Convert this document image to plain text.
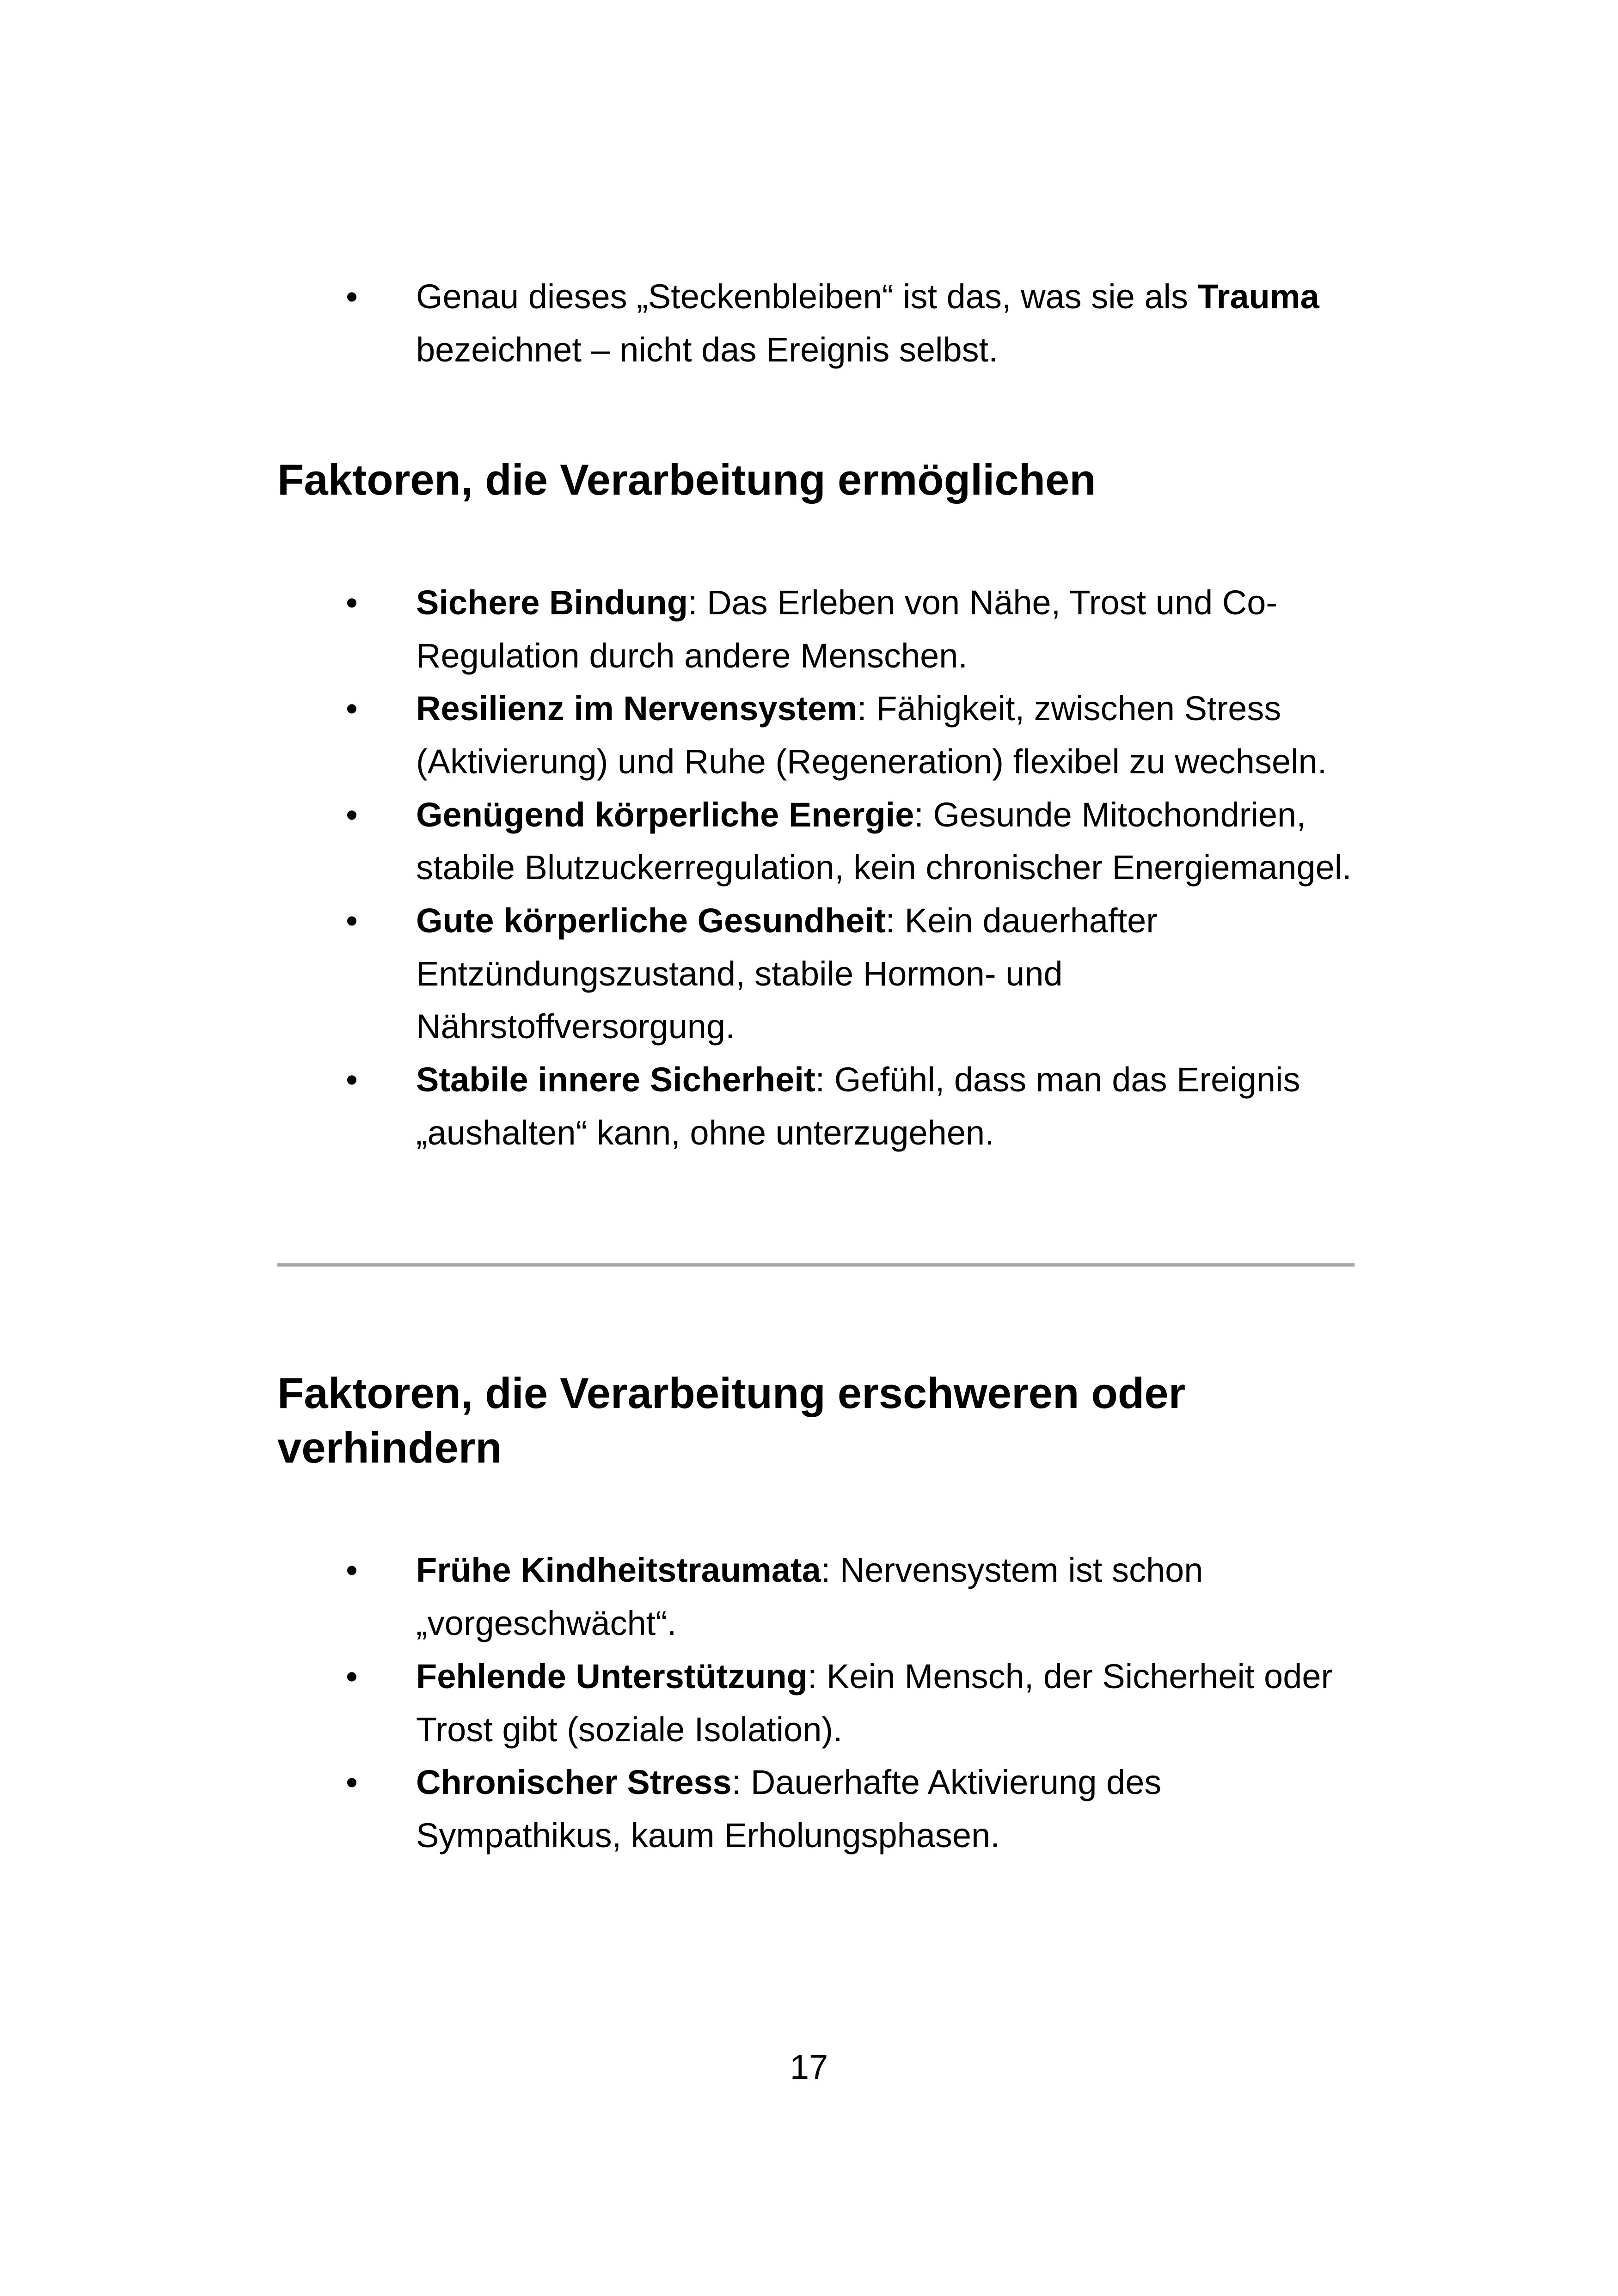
• Genau dieses „Steckenbleiben“ ist das, was sie als Trauma bezeichnet – nicht das Ereignis selbst.
Faktoren, die Verarbeitung ermöglichen
• Sichere Bindung: Das Erleben von Nähe, Trost und Co-Regulation durch andere Menschen.
• Resilienz im Nervensystem: Fähigkeit, zwischen Stress (Aktivierung) und Ruhe (Regeneration) flexibel zu wechseln.
• Genügend körperliche Energie: Gesunde Mitochondrien, stabile Blutzuckerregulation, kein chronischer Energiemangel.
• Gute körperliche Gesundheit: Kein dauerhafter Entzündungszustand, stabile Hormon- und Nährstoffversorgung.
• Stabile innere Sicherheit: Gefühl, dass man das Ereignis „aushalten“ kann, ohne unterzugehen.
Faktoren, die Verarbeitung erschweren oder verhindern
• Frühe Kindheitstraumata: Nervensystem ist schon „vorgeschwächt“.
• Fehlende Unterstützung: Kein Mensch, der Sicherheit oder Trost gibt (soziale Isolation).
• Chronischer Stress: Dauerhafte Aktivierung des Sympathikus, kaum Erholungsphasen.
17
